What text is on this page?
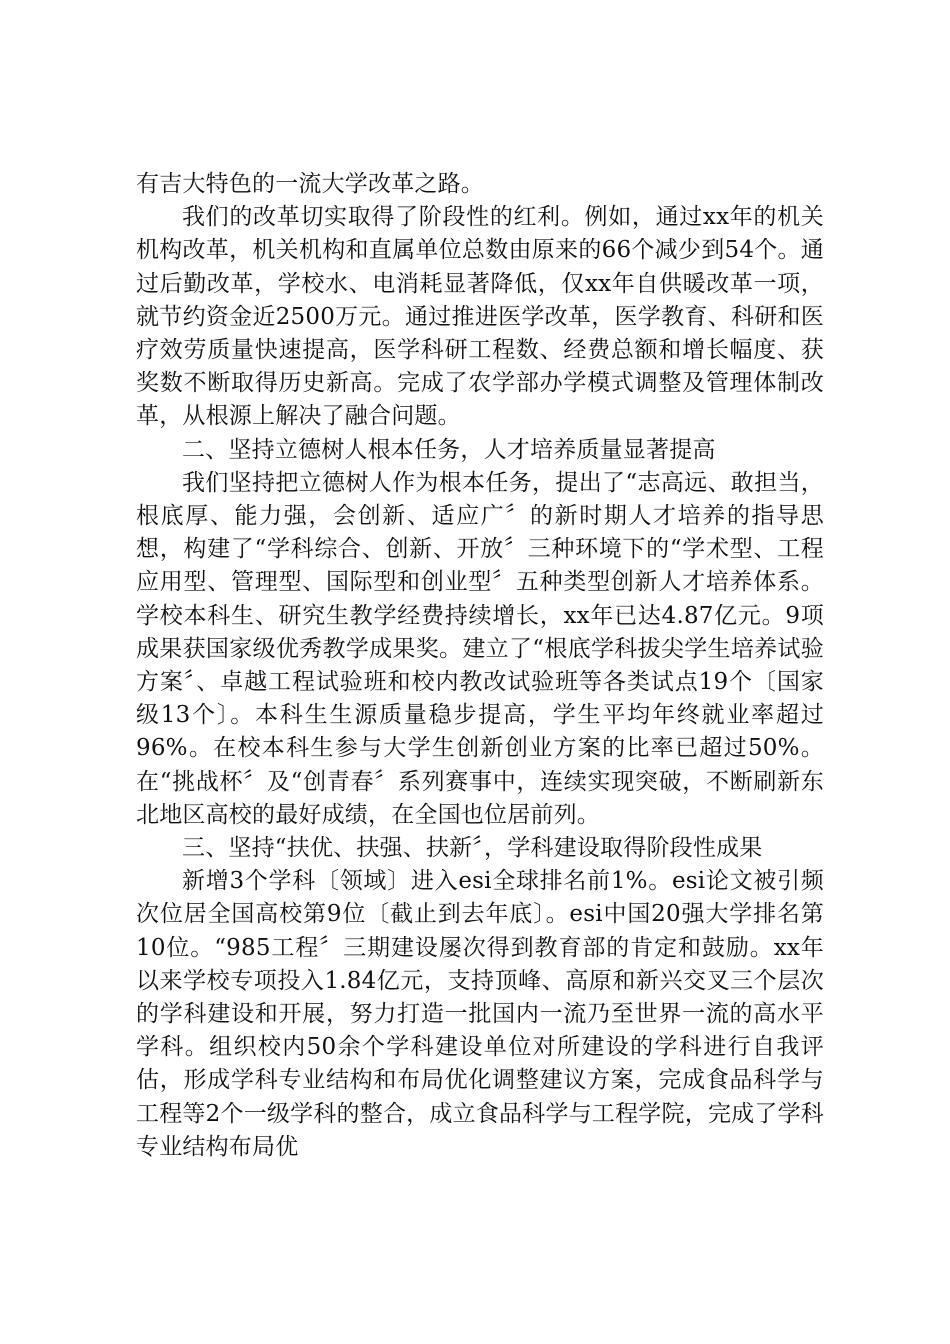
有吉大特色的一流大学改革之路。

我们的改革切实取得了阶段性的红利。例如，通过xx年的机关机构改革，机关机构和直属单位总数由原来的66个减少到54个。通过后勤改革，学校水、电消耗显著降低，仅xx年自供暖改革一项，就节约资金近2500万元。通过推进医学改革，医学教育、科研和医疗效劳质量快速提高，医学科研工程数、经费总额和增长幅度、获奖数不断取得历史新高。完成了农学部办学模式调整及管理体制改革，从根源上解决了融合问题。

二、坚持立德树人根本任务，人才培养质量显著提高

我们坚持把立德树人作为根本任务，提出了“志高远、敢担当，根底厚、能力强，会创新、适应广〞的新时期人才培养的指导思想，构建了“学科综合、创新、开放〞三种环境下的“学术型、工程应用型、管理型、国际型和创业型〞五种类型创新人才培养体系。学校本科生、研究生教学经费持续增长，xx年已达4.87亿元。9项成果获国家级优秀教学成果奖。建立了“根底学科拔尖学生培养试验方案〞、卓越工程试验班和校内教改试验班等各类试点19个〔国家级13个〕。本科生生源质量稳步提高，学生平均年终就业率超过96%。在校本科生参与大学生创新创业方案的比率已超过50%。在“挑战杯〞及“创青春〞系列赛事中，连续实现突破，不断刷新东北地区高校的最好成绩，在全国也位居前列。

三、坚持“扶优、扶强、扶新〞，学科建设取得阶段性成果

新增3个学科〔领域〕进入esi全球排名前1%。esi论文被引频次位居全国高校第9位〔截止到去年底〕。esi中国20强大学排名第10位。“985工程〞三期建设屡次得到教育部的肯定和鼓励。xx年以来学校专项投入1.84亿元，支持顶峰、高原和新兴交叉三个层次的学科建设和开展，努力打造一批国内一流乃至世界一流的高水平学科。组织校内50余个学科建设单位对所建设的学科进行自我评估，形成学科专业结构和布局优化调整建议方案，完成食品科学与工程等2个一级学科的整合，成立食品科学与工程学院，完成了学科专业结构布局优
